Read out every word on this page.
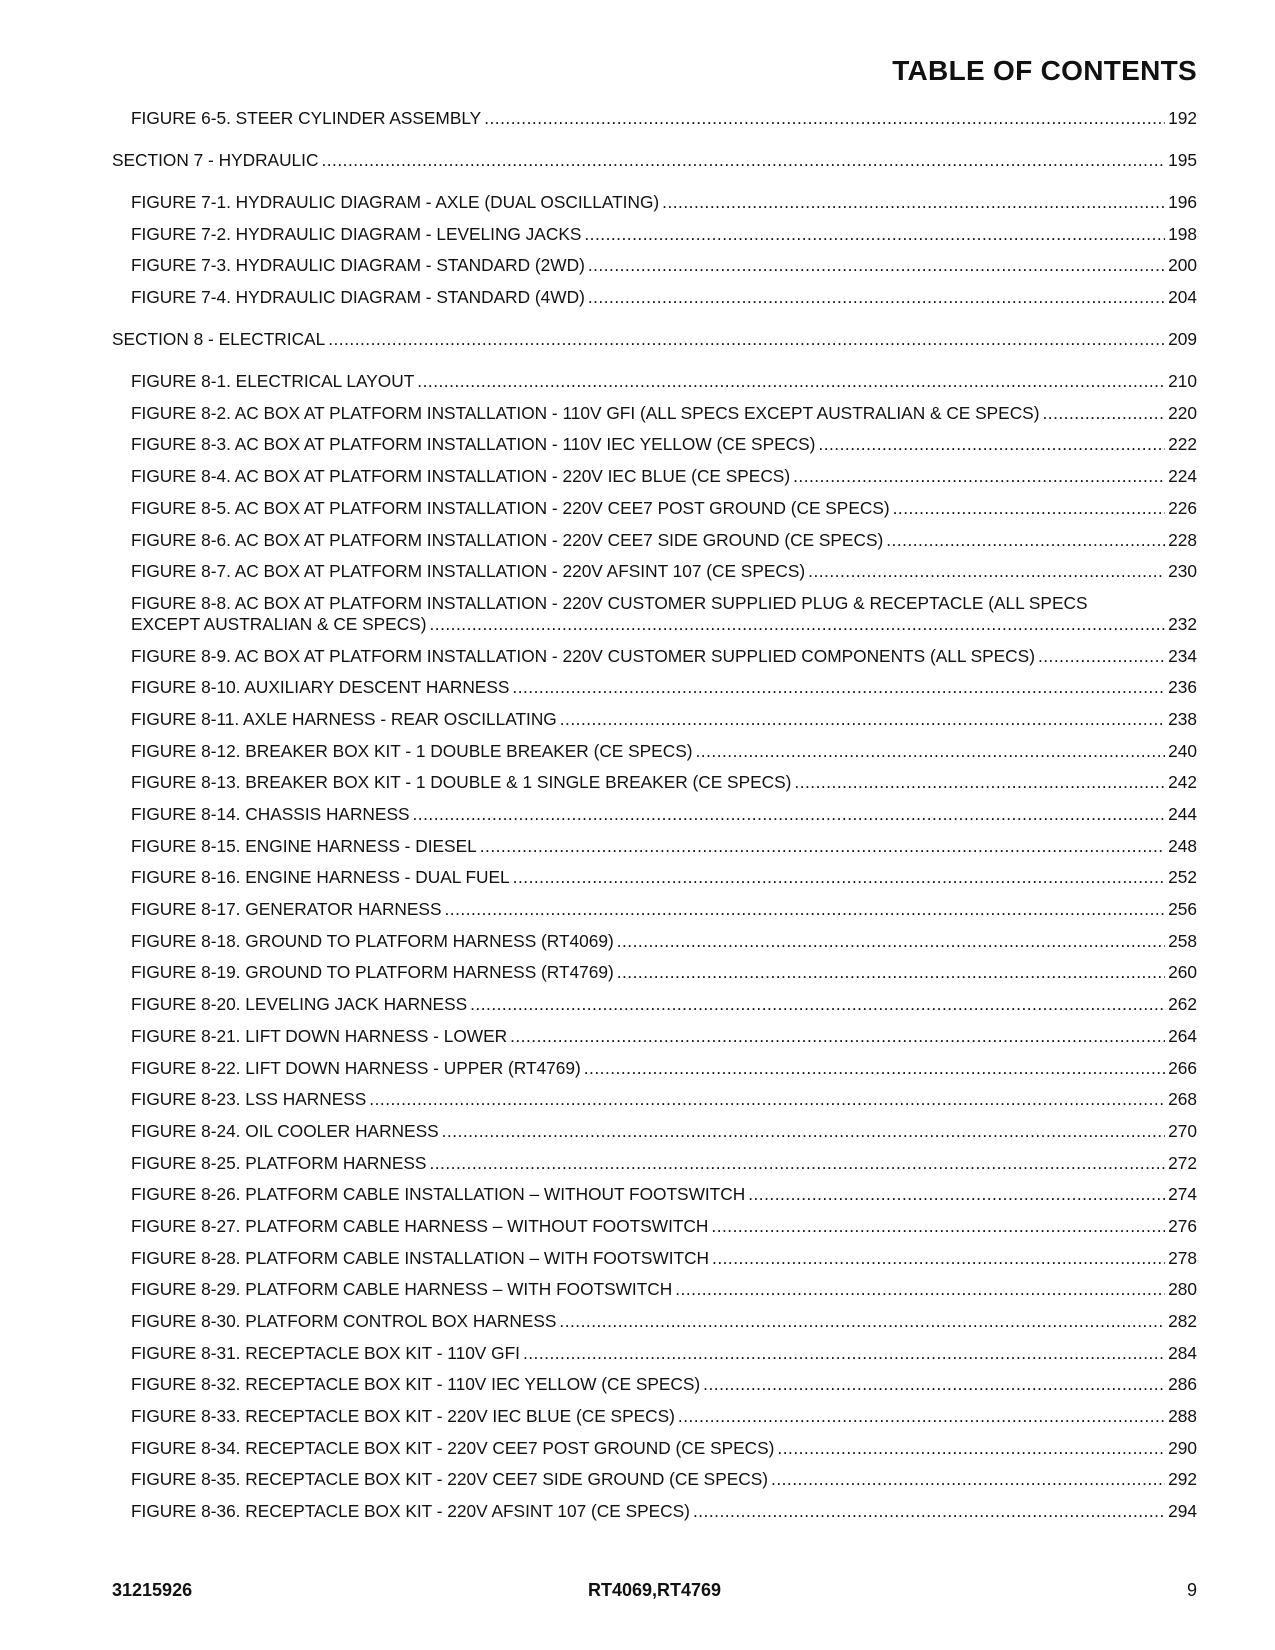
TABLE OF CONTENTS
FIGURE 6-5. STEER CYLINDER ASSEMBLY .....	192
SECTION 7 - HYDRAULIC .....	195
FIGURE 7-1. HYDRAULIC DIAGRAM - AXLE (DUAL OSCILLATING) .....	196
FIGURE 7-2. HYDRAULIC DIAGRAM - LEVELING JACKS .....	198
FIGURE 7-3. HYDRAULIC DIAGRAM - STANDARD (2WD) .....	200
FIGURE 7-4. HYDRAULIC DIAGRAM - STANDARD (4WD) .....	204
SECTION 8 - ELECTRICAL .....	209
FIGURE 8-1. ELECTRICAL LAYOUT .....	210
FIGURE 8-2. AC BOX AT PLATFORM INSTALLATION - 110V GFI (ALL SPECS EXCEPT AUSTRALIAN & CE SPECS) .....	220
FIGURE 8-3. AC BOX AT PLATFORM INSTALLATION - 110V IEC YELLOW (CE SPECS) .....	222
FIGURE 8-4. AC BOX AT PLATFORM INSTALLATION - 220V IEC BLUE (CE SPECS) .....	224
FIGURE 8-5. AC BOX AT PLATFORM INSTALLATION - 220V CEE7 POST GROUND (CE SPECS) .....	226
FIGURE 8-6. AC BOX AT PLATFORM INSTALLATION - 220V CEE7 SIDE GROUND (CE SPECS) .....	228
FIGURE 8-7. AC BOX AT PLATFORM INSTALLATION - 220V AFSINT 107 (CE SPECS) .....	230
FIGURE 8-8. AC BOX AT PLATFORM INSTALLATION - 220V CUSTOMER SUPPLIED PLUG & RECEPTACLE (ALL SPECS
EXCEPT AUSTRALIAN & CE SPECS) .....	232
FIGURE 8-9. AC BOX AT PLATFORM INSTALLATION - 220V CUSTOMER SUPPLIED COMPONENTS (ALL SPECS) .....	234
FIGURE 8-10. AUXILIARY DESCENT HARNESS .....	236
FIGURE 8-11. AXLE HARNESS - REAR OSCILLATING .....	238
FIGURE 8-12. BREAKER BOX KIT - 1 DOUBLE BREAKER (CE SPECS) .....	240
FIGURE 8-13. BREAKER BOX KIT - 1 DOUBLE & 1 SINGLE BREAKER (CE SPECS) .....	242
FIGURE 8-14. CHASSIS HARNESS .....	244
FIGURE 8-15. ENGINE HARNESS - DIESEL .....	248
FIGURE 8-16. ENGINE HARNESS - DUAL FUEL .....	252
FIGURE 8-17. GENERATOR HARNESS .....	256
FIGURE 8-18. GROUND TO PLATFORM HARNESS (RT4069) .....	258
FIGURE 8-19. GROUND TO PLATFORM HARNESS (RT4769) .....	260
FIGURE 8-20. LEVELING JACK HARNESS .....	262
FIGURE 8-21. LIFT DOWN HARNESS - LOWER .....	264
FIGURE 8-22. LIFT DOWN HARNESS - UPPER (RT4769) .....	266
FIGURE 8-23. LSS HARNESS .....	268
FIGURE 8-24. OIL COOLER HARNESS .....	270
FIGURE 8-25. PLATFORM HARNESS .....	272
FIGURE 8-26. PLATFORM CABLE INSTALLATION – WITHOUT FOOTSWITCH .....	274
FIGURE 8-27. PLATFORM CABLE HARNESS – WITHOUT FOOTSWITCH .....	276
FIGURE 8-28. PLATFORM CABLE INSTALLATION – WITH FOOTSWITCH .....	278
FIGURE 8-29. PLATFORM CABLE HARNESS – WITH FOOTSWITCH .....	280
FIGURE 8-30. PLATFORM CONTROL BOX HARNESS .....	282
FIGURE 8-31. RECEPTACLE BOX KIT - 110V GFI .....	284
FIGURE 8-32. RECEPTACLE BOX KIT - 110V IEC YELLOW (CE SPECS) .....	286
FIGURE 8-33. RECEPTACLE BOX KIT - 220V IEC BLUE (CE SPECS) .....	288
FIGURE 8-34. RECEPTACLE BOX KIT - 220V CEE7 POST GROUND (CE SPECS) .....	290
FIGURE 8-35. RECEPTACLE BOX KIT - 220V CEE7 SIDE GROUND (CE SPECS) .....	292
FIGURE 8-36. RECEPTACLE BOX KIT - 220V AFSINT 107 (CE SPECS) .....	294
31215926	RT4069,RT4769	9
